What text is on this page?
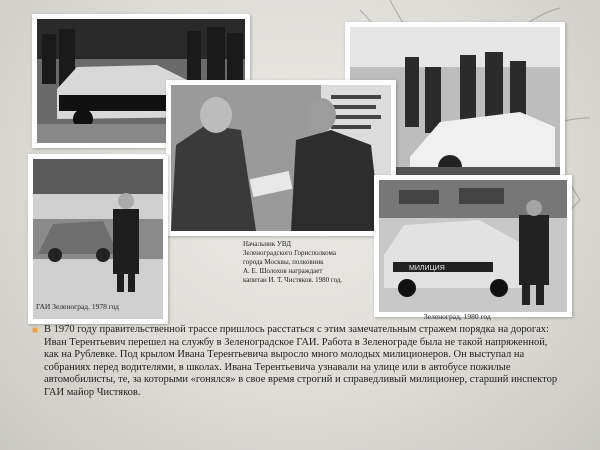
Начальник УВД
Зеленоградского Горисполкома
города Москвы, полковник
А. Е. Шолохов награждает
капитан И. Т. Чистяков. 1980 год.
ГАИ Зеленоград. 1978 год
МИЛИЦИЯ
Зеленоград, 1980 год
■ В 1970 году правительственной трассе пришлось расстаться с этим замечательным стражем порядка на дорогах: Иван Терентьевич перешел на службу в Зеленоградское ГАИ. Работа в Зеленограде была не такой напряженной, как на Рублевке. Под крылом Ивана Терентьевича выросло много молодых милиционеров. Он выступал на собраниях перед водителями, в школах. Ивана Терентьевича узнавали на улице или в автобусе пожилые автомобилисты, те, за которыми «гонялся» в свое время строгий и справедливый милиционер, старший инспектор ГАИ майор Чистяков.
